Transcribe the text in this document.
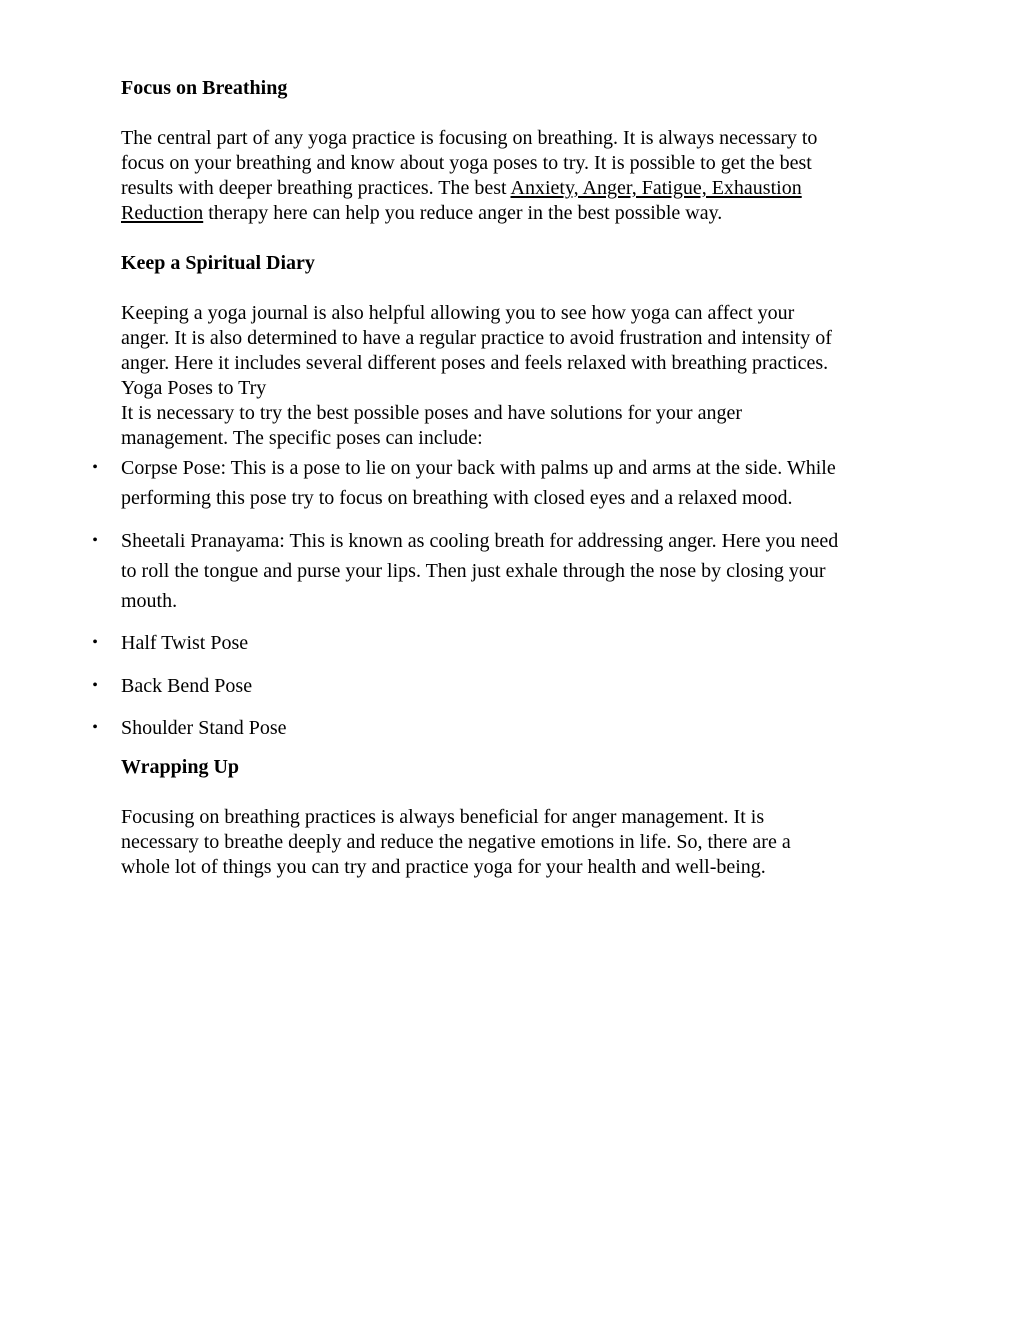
Focus on Breathing
The central part of any yoga practice is focusing on breathing. It is always necessary to
focus on your breathing and know about yoga poses to try. It is possible to get the best
results with deeper breathing practices. The best Anxiety, Anger, Fatigue, Exhaustion
Reduction therapy here can help you reduce anger in the best possible way.
Keep a Spiritual Diary
Keeping a yoga journal is also helpful allowing you to see how yoga can affect your
anger. It is also determined to have a regular practice to avoid frustration and intensity of
anger. Here it includes several different poses and feels relaxed with breathing practices.
Yoga Poses to Try
It is necessary to try the best possible poses and have solutions for your anger
management. The specific poses can include:
• Corpse Pose: This is a pose to lie on your back with palms up and arms at the side. While
performing this pose try to focus on breathing with closed eyes and a relaxed mood.
• Sheetali Pranayama: This is known as cooling breath for addressing anger. Here you need
to roll the tongue and purse your lips. Then just exhale through the nose by closing your
mouth.
• Half Twist Pose
• Back Bend Pose
• Shoulder Stand Pose
Wrapping Up
Focusing on breathing practices is always beneficial for anger management. It is
necessary to breathe deeply and reduce the negative emotions in life. So, there are a
whole lot of things you can try and practice yoga for your health and well-being.
